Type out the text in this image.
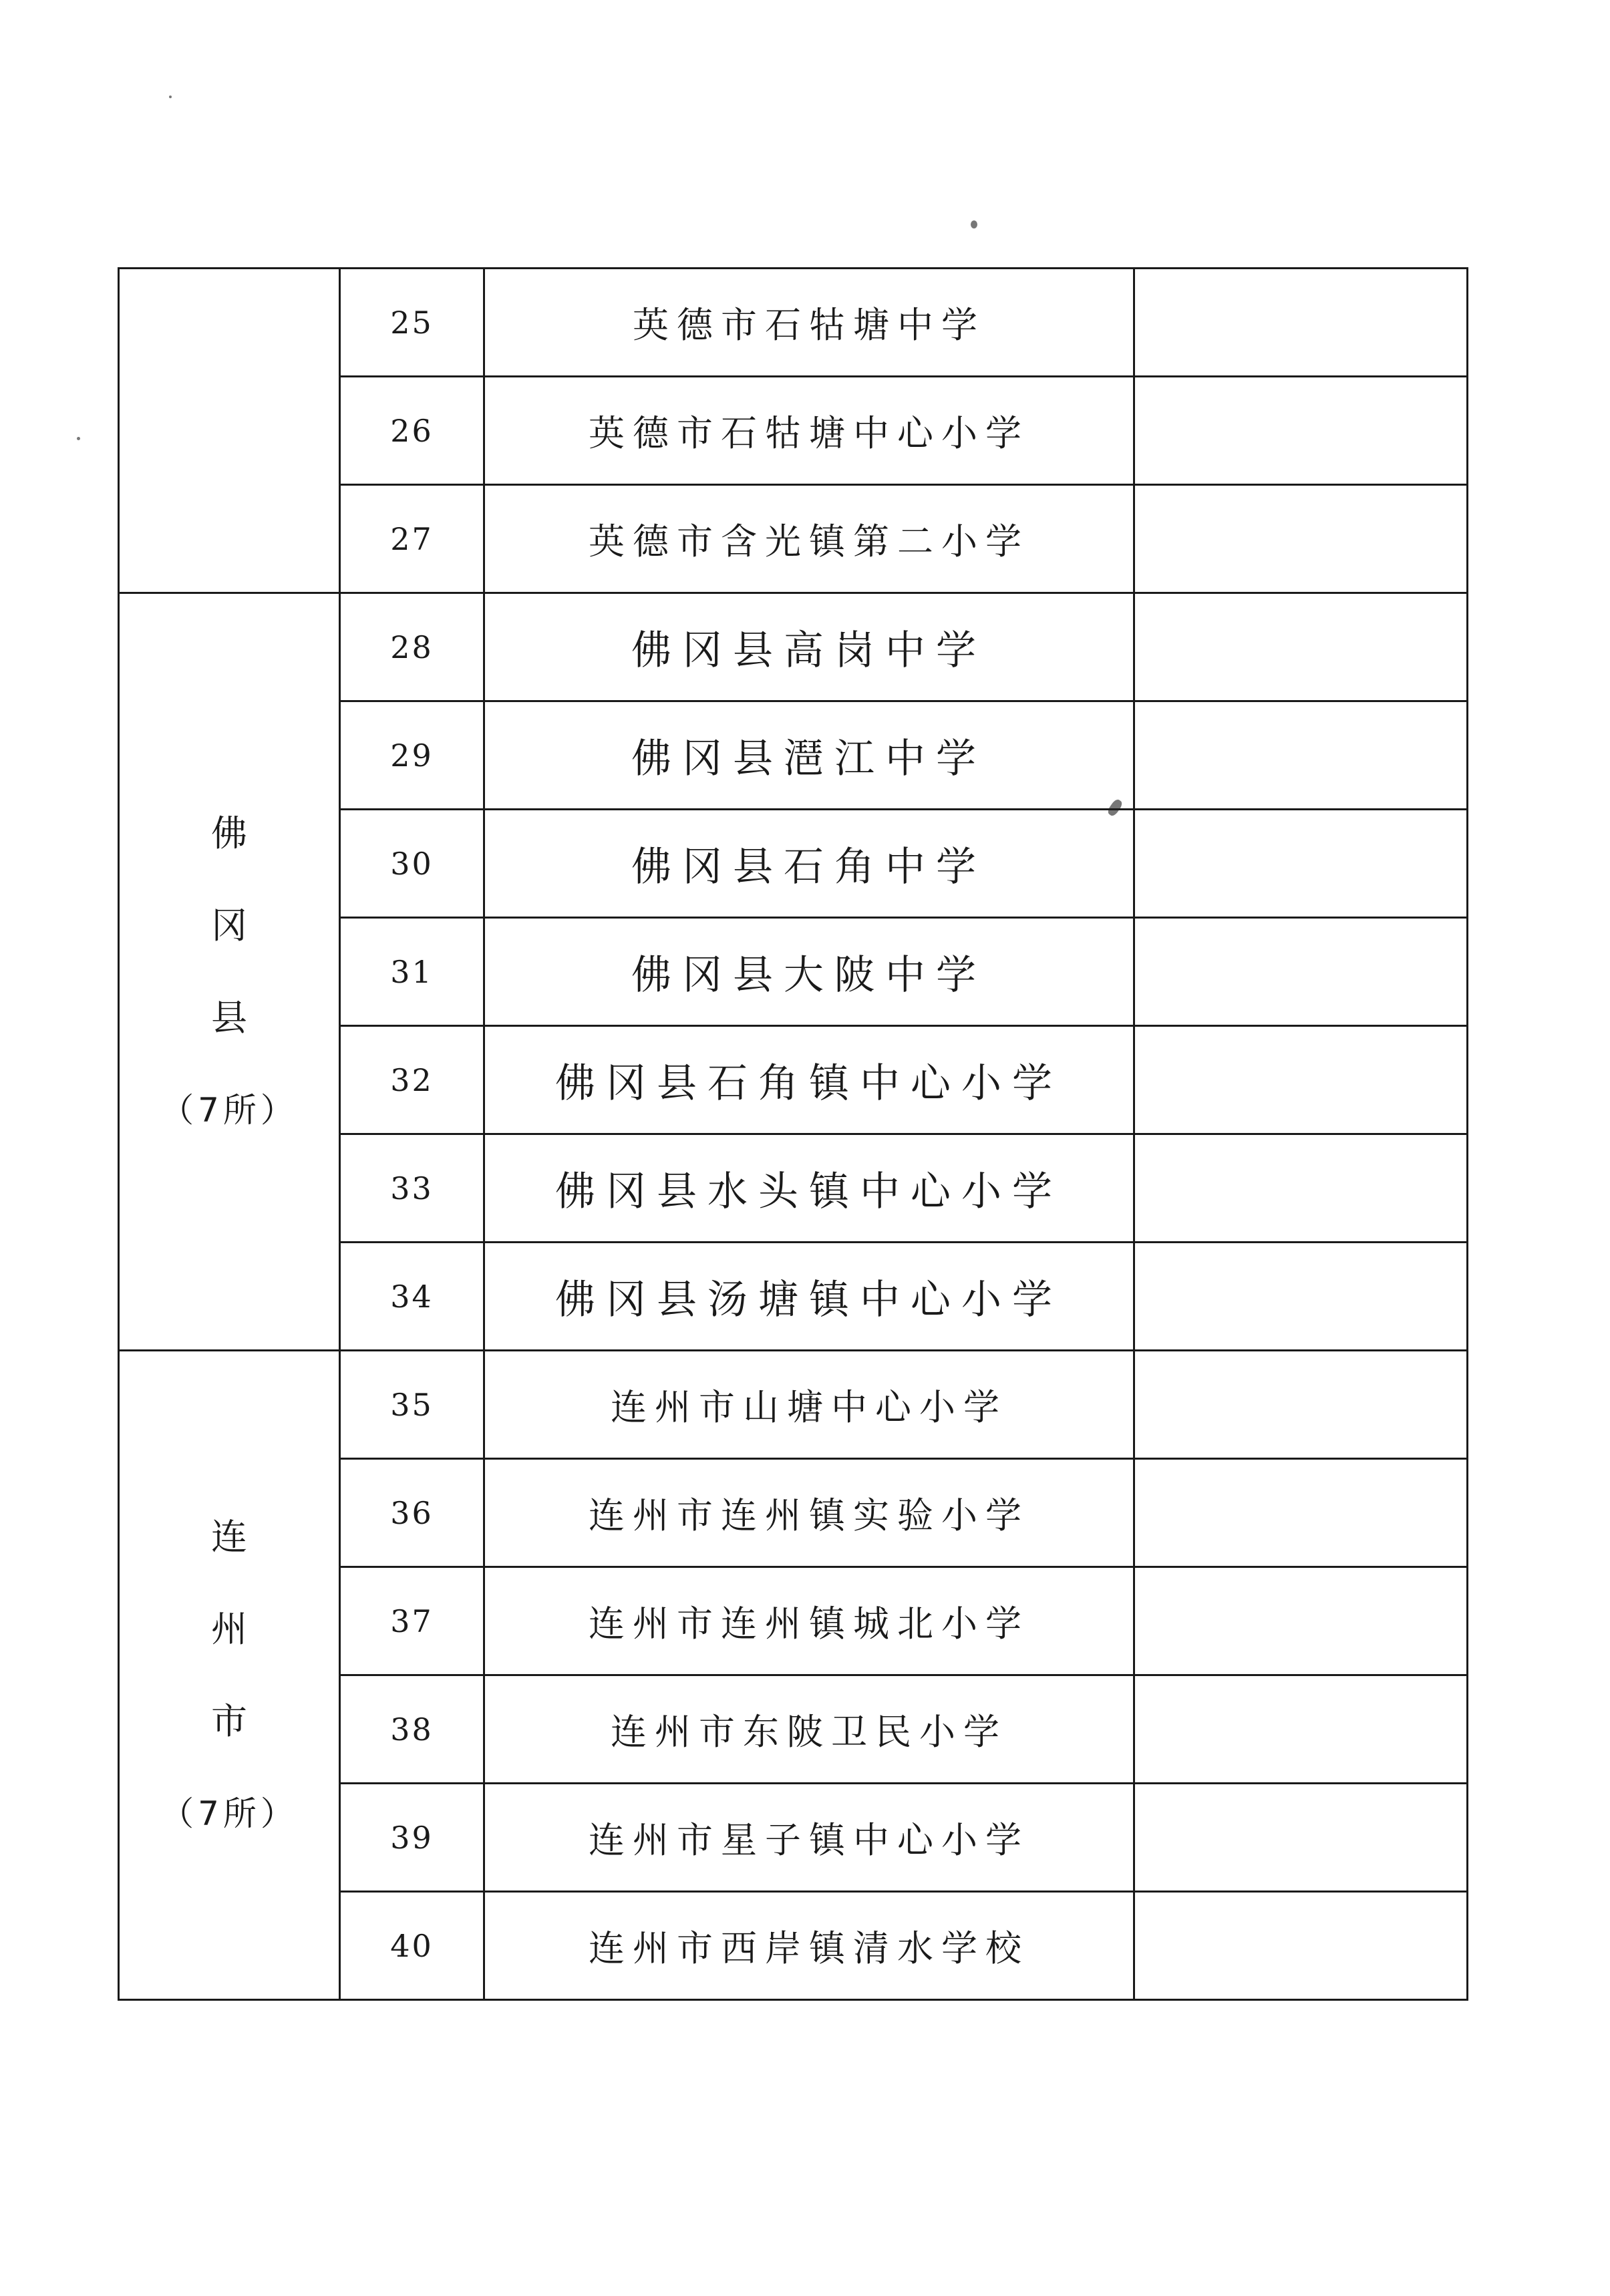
	25	英德市石牯塘中学	
	26	英德市石牯塘中心小学	
	27	英德市含光镇第二小学	

佛
冈
县
（7所）	28	佛冈县高岗中学	
	29	佛冈县潖江中学	
	30	佛冈县石角中学	
	31	佛冈县大陂中学	
	32	佛冈县石角镇中心小学	
	33	佛冈县水头镇中心小学	
	34	佛冈县汤塘镇中心小学	

连
州
市
（7所）	35	连州市山塘中心小学	
	36	连州市连州镇实验小学	
	37	连州市连州镇城北小学	
	38	连州市东陂卫民小学	
	39	连州市星子镇中心小学	
	40	连州市西岸镇清水学校	
